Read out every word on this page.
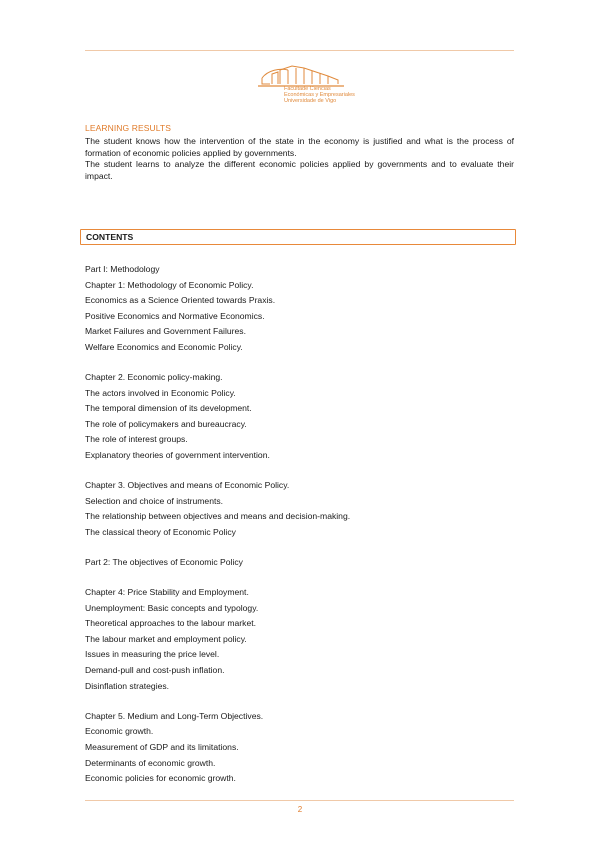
Facultade Ciencias
Económicas y Empresariales
Universidade de Vigo
LEARNING RESULTS

The student knows how the intervention of the state in the economy is justified and what is the process of formation of economic policies applied by governments.

The student learns to analyze the different economic policies applied by governments and to evaluate their impact.

CONTENTS
Part I: Methodology
Chapter 1: Methodology of Economic Policy.
Economics as a Science Oriented towards Praxis.
Positive Economics and Normative Economics.
Market Failures and Government Failures.
Welfare Economics and Economic Policy.
Chapter 2. Economic policy-making.
The actors involved in Economic Policy.
The temporal dimension of its development.
The role of policymakers and bureaucracy.
The role of interest groups.
Explanatory theories of government intervention.
Chapter 3. Objectives and means of Economic Policy.
Selection and choice of instruments.
The relationship between objectives and means and decision-making.
The classical theory of Economic Policy
Part 2: The objectives of Economic Policy
Chapter 4: Price Stability and Employment.
Unemployment: Basic concepts and typology.
Theoretical approaches to the labour market.
The labour market and employment policy.
Issues in measuring the price level.
Demand-pull and cost-push inflation.
Disinflation strategies.
Chapter 5. Medium and Long-Term Objectives.
Economic growth.
Measurement of GDP and its limitations.
Determinants of economic growth.
Economic policies for economic growth.
2
